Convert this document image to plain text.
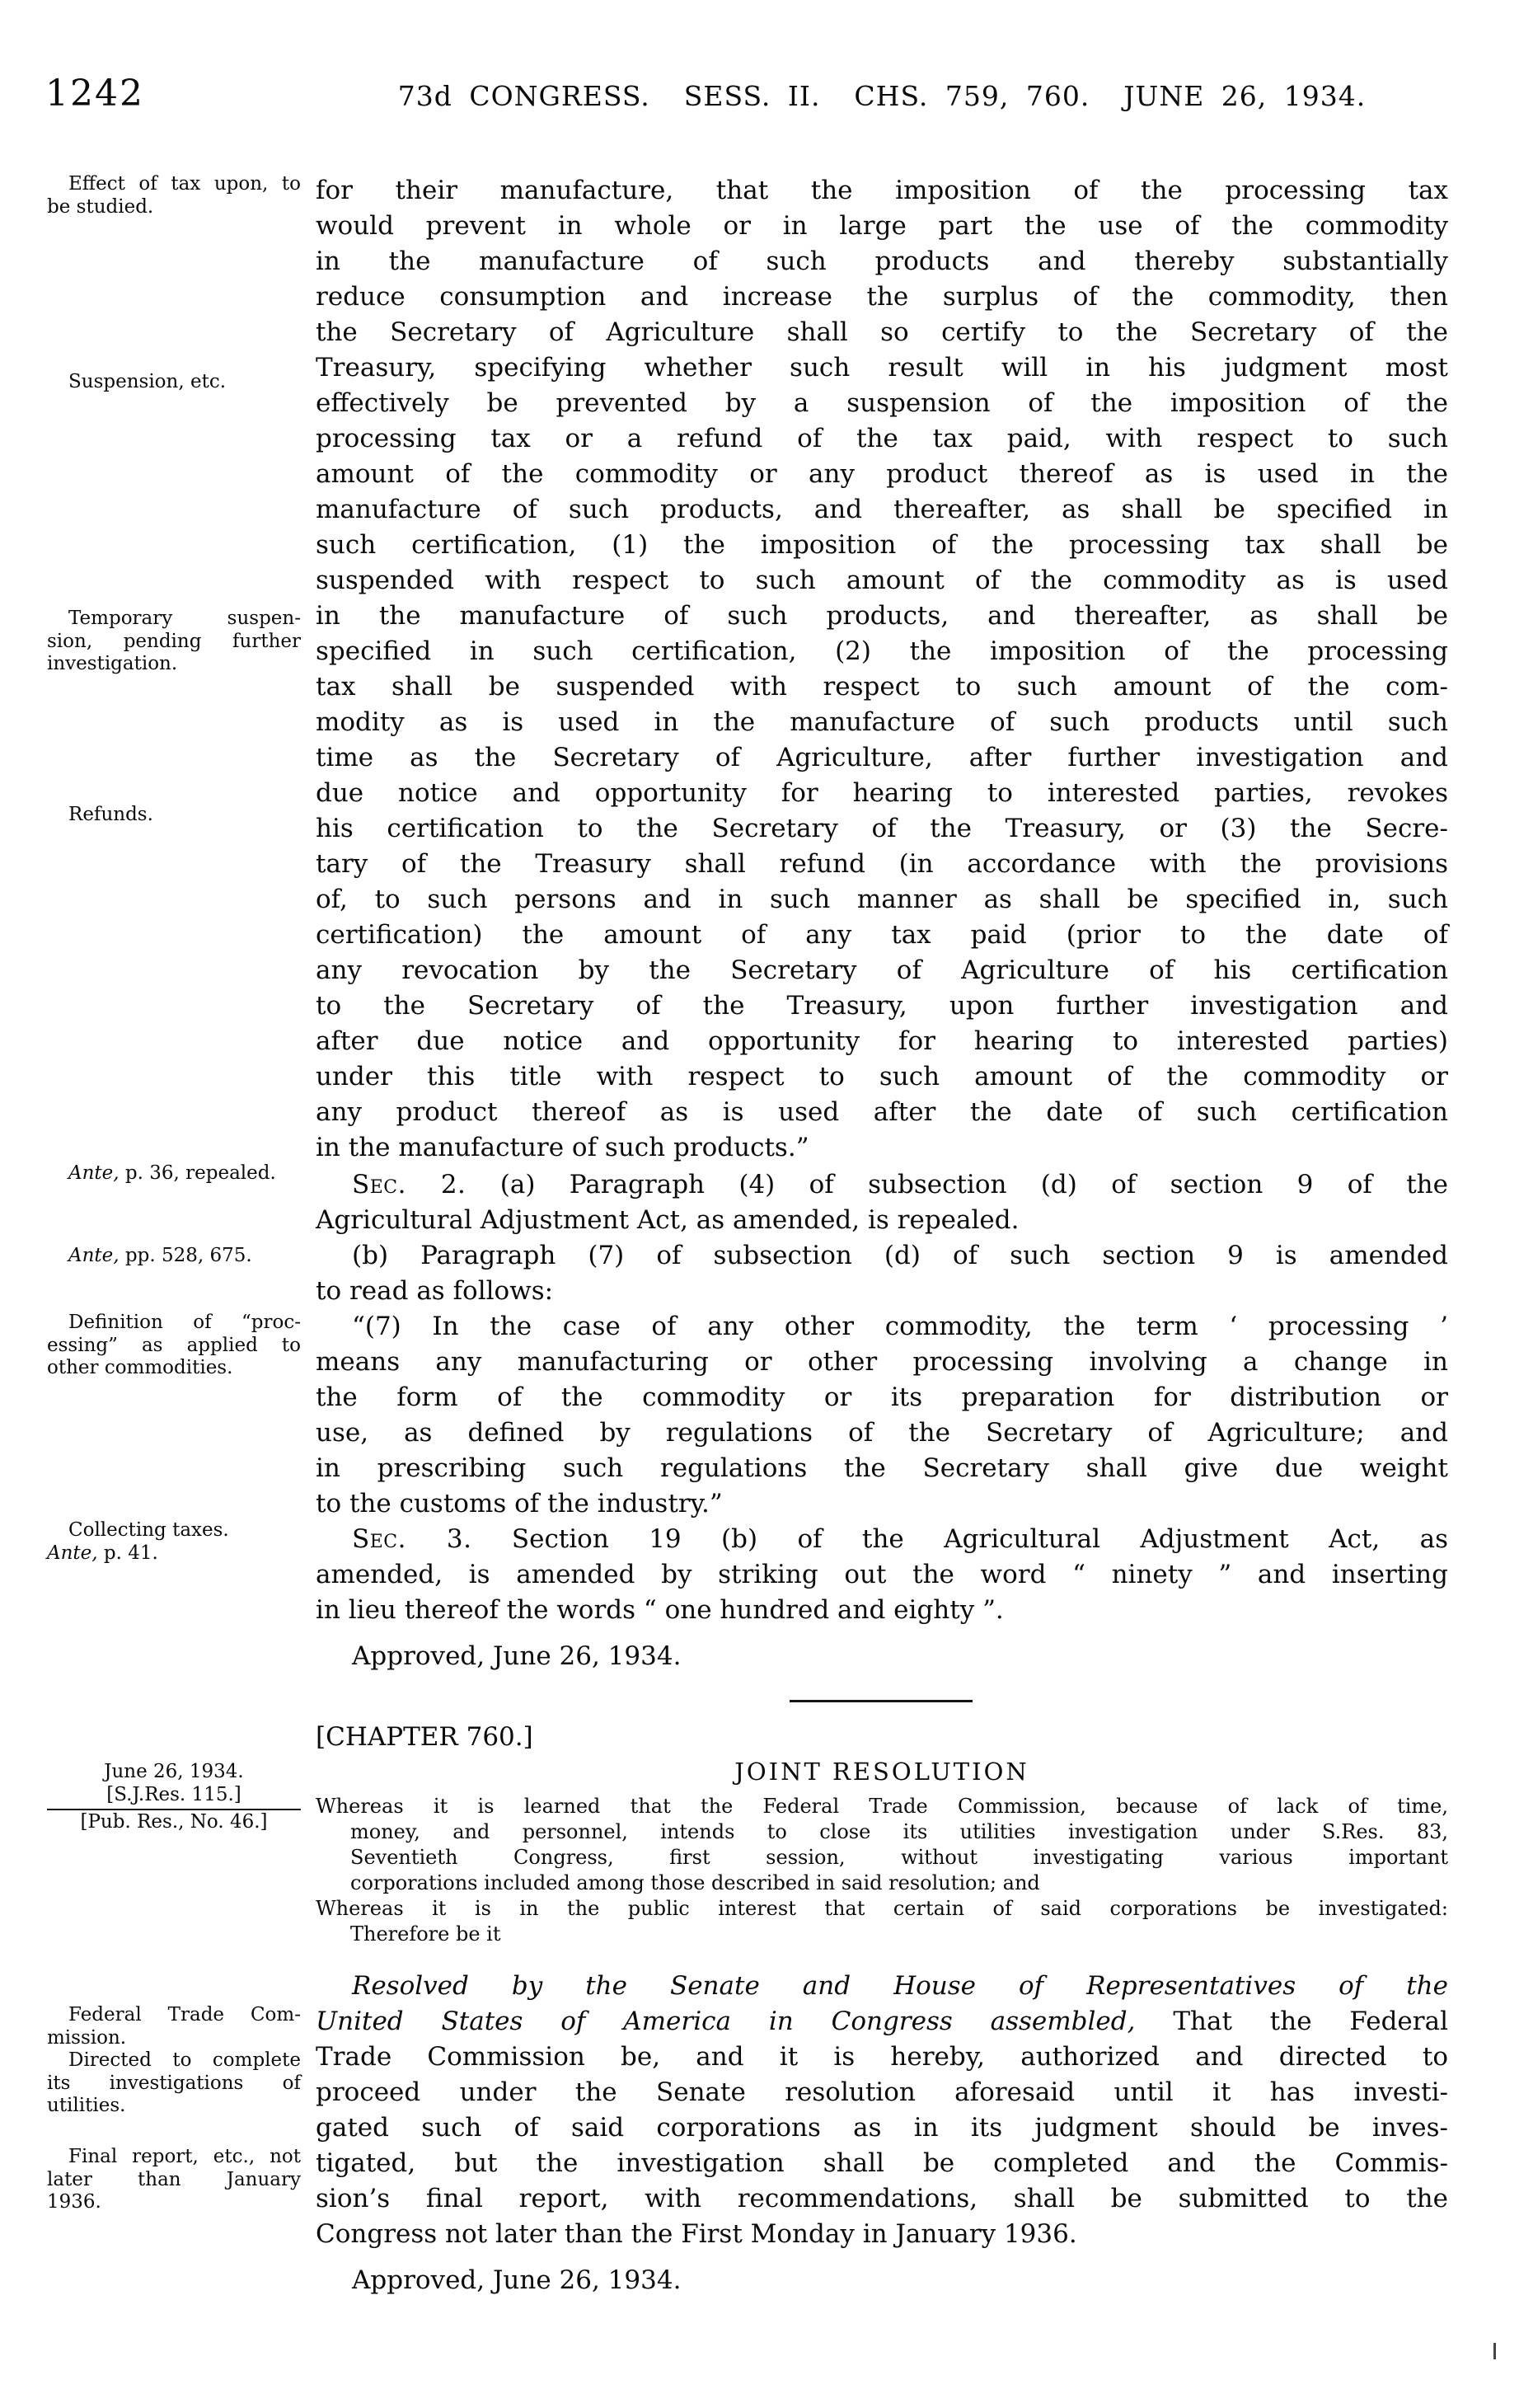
1242	73d CONGRESS.  SESS. II.  CHS. 759, 760.  JUNE 26, 1934.
Effect of tax upon, to
be studied.
Suspension, etc.
Temporary suspen-
sion, pending further
investigation.
Refunds.
Ante, p. 36, repealed.
Ante, pp. 528, 675.
Definition of “proc-
essing” as applied to
other commodities.
Collecting taxes.
Ante, p. 41.
June 26, 1934.
[S.J.Res. 115.]
[Pub. Res., No. 46.]
Federal Trade Com-
mission.
Directed to complete
its investigations of
utilities.
Final report, etc., not
later than January
1936.
for their manufacture, that the imposition of the processing tax
would prevent in whole or in large part the use of the commodity
in the manufacture of such products and thereby substantially
reduce consumption and increase the surplus of the commodity, then
the Secretary of Agriculture shall so certify to the Secretary of the
Treasury, specifying whether such result will in his judgment most
effectively be prevented by a suspension of the imposition of the
processing tax or a refund of the tax paid, with respect to such
amount of the commodity or any product thereof as is used in the
manufacture of such products, and thereafter, as shall be specified in
such certification, (1) the imposition of the processing tax shall be
suspended with respect to such amount of the commodity as is used
in the manufacture of such products, and thereafter, as shall be
specified in such certification, (2) the imposition of the processing
tax shall be suspended with respect to such amount of the com-
modity as is used in the manufacture of such products until such
time as the Secretary of Agriculture, after further investigation and
due notice and opportunity for hearing to interested parties, revokes
his certification to the Secretary of the Treasury, or (3) the Secre-
tary of the Treasury shall refund (in accordance with the provisions
of, to such persons and in such manner as shall be specified in, such
certification) the amount of any tax paid (prior to the date of
any revocation by the Secretary of Agriculture of his certification
to the Secretary of the Treasury, upon further investigation and
after due notice and opportunity for hearing to interested parties)
under this title with respect to such amount of the commodity or
any product thereof as is used after the date of such certification
in the manufacture of such products.”
Sec. 2. (a) Paragraph (4) of subsection (d) of section 9 of the
Agricultural Adjustment Act, as amended, is repealed.
(b) Paragraph (7) of subsection (d) of such section 9 is amended
to read as follows:
“(7) In the case of any other commodity, the term ‘ processing ’
means any manufacturing or other processing involving a change in
the form of the commodity or its preparation for distribution or
use, as defined by regulations of the Secretary of Agriculture; and
in prescribing such regulations the Secretary shall give due weight
to the customs of the industry.”
Sec. 3. Section 19 (b) of the Agricultural Adjustment Act, as
amended, is amended by striking out the word “ ninety ” and inserting
in lieu thereof the words “ one hundred and eighty ”.
Approved, June 26, 1934.
[CHAPTER 760.]
JOINT RESOLUTION
Whereas it is learned that the Federal Trade Commission, because of lack of time,
money, and personnel, intends to close its utilities investigation under S.Res. 83,
Seventieth Congress, first session, without investigating various important
corporations included among those described in said resolution; and
Whereas it is in the public interest that certain of said corporations be investigated:
Therefore be it
Resolved by the Senate and House of Representatives of the
United States of America in Congress assembled, That the Federal
Trade Commission be, and it is hereby, authorized and directed to
proceed under the Senate resolution aforesaid until it has investi-
gated such of said corporations as in its judgment should be inves-
tigated, but the investigation shall be completed and the Commis-
sion’s final report, with recommendations, shall be submitted to the
Congress not later than the First Monday in January 1936.
Approved, June 26, 1934.
